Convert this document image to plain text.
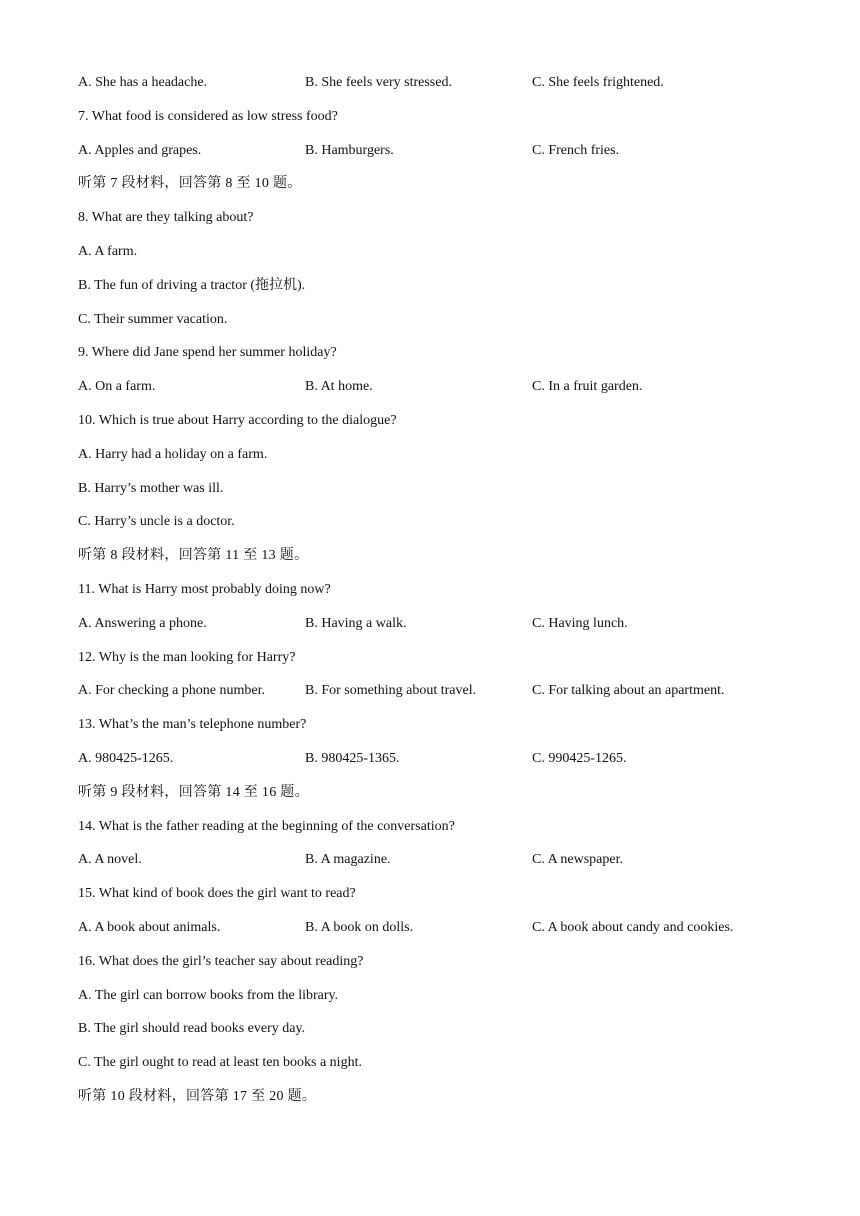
A. She has a headache.	B. She feels very stressed.	C. She feels frightened.
7. What food is considered as low stress food?
A. Apples and grapes.	B. Hamburgers.	C. French fries.
听第 7 段材料，回答第 8 至 10 题。
8. What are they talking about?
A. A farm.
B. The fun of driving a tractor (拖拉机).
C. Their summer vacation.
9. Where did Jane spend her summer holiday?
A. On a farm.	B. At home.	C. In a fruit garden.
10. Which is true about Harry according to the dialogue?
A. Harry had a holiday on a farm.
B. Harry’s mother was ill.
C. Harry’s uncle is a doctor.
听第 8 段材料，回答第 11 至 13 题。
11. What is Harry most probably doing now?
A. Answering a phone.	B. Having a walk.	C. Having lunch.
12. Why is the man looking for Harry?
A. For checking a phone number.	B. For something about travel.	C. For talking about an apartment.
13. What’s the man’s telephone number?
A. 980425-1265.	B. 980425-1365.	C. 990425-1265.
听第 9 段材料，回答第 14 至 16 题。
14. What is the father reading at the beginning of the conversation?
A. A novel.	B. A magazine.	C. A newspaper.
15. What kind of book does the girl want to read?
A. A book about animals.	B. A book on dolls.	C. A book about candy and cookies.
16. What does the girl’s teacher say about reading?
A. The girl can borrow books from the library.
B. The girl should read books every day.
C. The girl ought to read at least ten books a night.
听第 10 段材料，回答第 17 至 20 题。
